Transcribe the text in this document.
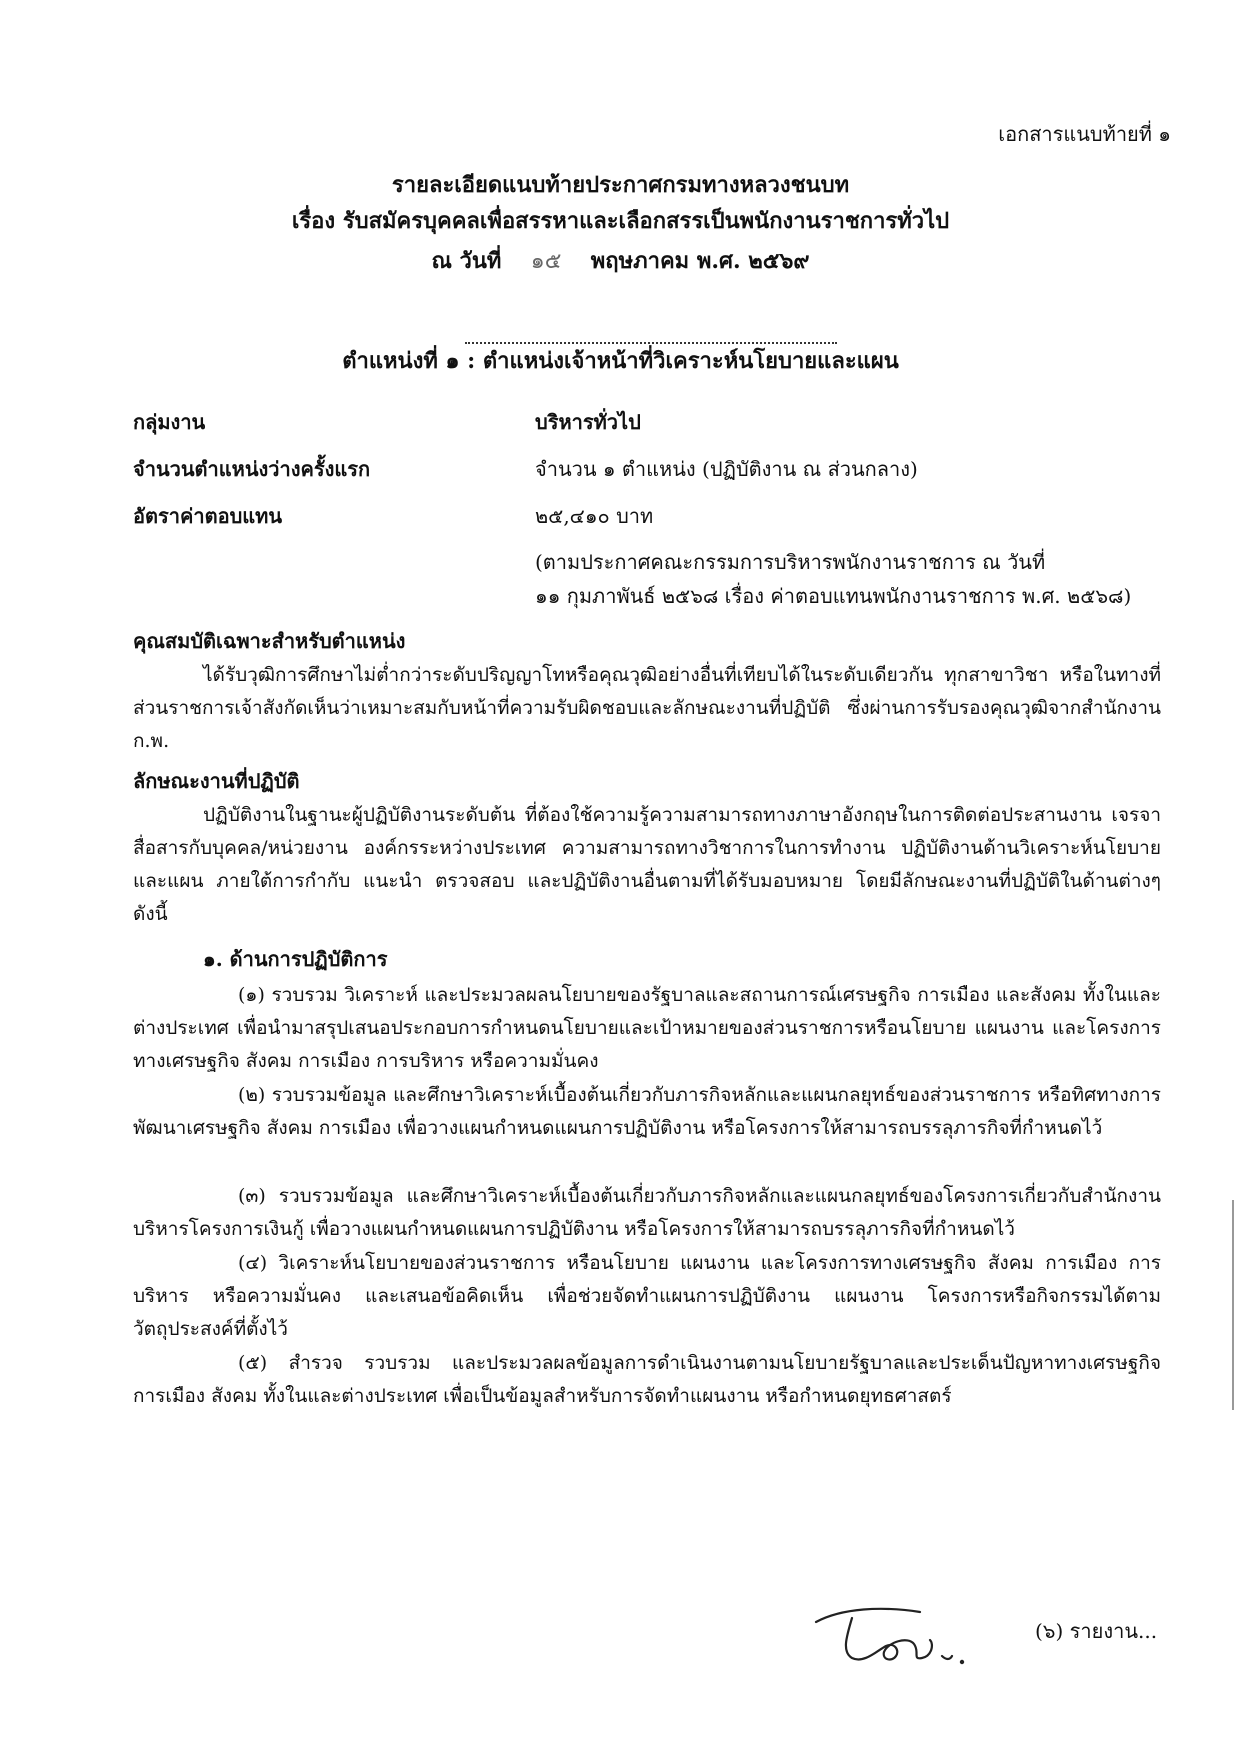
เอกสารแนบท้ายที่ ๑
รายละเอียดแนบท้ายประกาศกรมทางหลวงชนบท
เรื่อง รับสมัครบุคคลเพื่อสรรหาและเลือกสรรเป็นพนักงานราชการทั่วไป
ณ วันที่ ๑๕ พฤษภาคม พ.ศ. ๒๕๖๙
ตำแหน่งที่ ๑ : ตำแหน่งเจ้าหน้าที่วิเคราะห์นโยบายและแผน
กลุ่มงาน	บริหารทั่วไป
จำนวนตำแหน่งว่างครั้งแรก	จำนวน ๑ ตำแหน่ง (ปฏิบัติงาน ณ ส่วนกลาง)
อัตราค่าตอบแทน	๒๕,๔๑๐ บาท
(ตามประกาศคณะกรรมการบริหารพนักงานราชการ ณ วันที่
๑๑ กุมภาพันธ์ ๒๕๖๘ เรื่อง ค่าตอบแทนพนักงานราชการ พ.ศ. ๒๕๖๘)
คุณสมบัติเฉพาะสำหรับตำแหน่ง
ได้รับวุฒิการศึกษาไม่ต่ำกว่าระดับปริญญาโทหรือคุณวุฒิอย่างอื่นที่เทียบได้ในระดับเดียวกัน ทุกสาขาวิชา หรือในทางที่ส่วนราชการเจ้าสังกัดเห็นว่าเหมาะสมกับหน้าที่ความรับผิดชอบและลักษณะงานที่ปฏิบัติ ซึ่งผ่านการรับรองคุณวุฒิจากสำนักงาน ก.พ.
ลักษณะงานที่ปฏิบัติ
ปฏิบัติงานในฐานะผู้ปฏิบัติงานระดับต้น ที่ต้องใช้ความรู้ความสามารถทางภาษาอังกฤษในการติดต่อประสานงาน เจรจาสื่อสารกับบุคคล/หน่วยงาน องค์กรระหว่างประเทศ ความสามารถทางวิชาการในการทำงาน ปฏิบัติงานด้านวิเคราะห์นโยบายและแผน ภายใต้การกำกับ แนะนำ ตรวจสอบ และปฏิบัติงานอื่นตามที่ได้รับมอบหมาย โดยมีลักษณะงานที่ปฏิบัติในด้านต่างๆ ดังนี้
๑. ด้านการปฏิบัติการ
(๑) รวบรวม วิเคราะห์ และประมวลผลนโยบายของรัฐบาลและสถานการณ์เศรษฐกิจ การเมือง และสังคม ทั้งในและต่างประเทศ เพื่อนำมาสรุปเสนอประกอบการกำหนดนโยบายและเป้าหมายของส่วนราชการหรือนโยบาย แผนงาน และโครงการทางเศรษฐกิจ สังคม การเมือง การบริหาร หรือความมั่นคง
(๒) รวบรวมข้อมูล และศึกษาวิเคราะห์เบื้องต้นเกี่ยวกับภารกิจหลักและแผนกลยุทธ์ของส่วนราชการ หรือทิศทางการพัฒนาเศรษฐกิจ สังคม การเมือง เพื่อวางแผนกำหนดแผนการปฏิบัติงาน หรือโครงการให้สามารถบรรลุภารกิจที่กำหนดไว้
(๓) รวบรวมข้อมูล และศึกษาวิเคราะห์เบื้องต้นเกี่ยวกับภารกิจหลักและแผนกลยุทธ์ของโครงการเกี่ยวกับสำนักงานบริหารโครงการเงินกู้ เพื่อวางแผนกำหนดแผนการปฏิบัติงาน หรือโครงการให้สามารถบรรลุภารกิจที่กำหนดไว้
(๔) วิเคราะห์นโยบายของส่วนราชการ หรือนโยบาย แผนงาน และโครงการทางเศรษฐกิจ สังคม การเมือง การบริหาร หรือความมั่นคง และเสนอข้อคิดเห็น เพื่อช่วยจัดทำแผนการปฏิบัติงาน แผนงาน โครงการหรือกิจกรรมได้ตามวัตถุประสงค์ที่ตั้งไว้
(๕) สำรวจ รวบรวม และประมวลผลข้อมูลการดำเนินงานตามนโยบายรัฐบาลและประเด็นปัญหาทางเศรษฐกิจ การเมือง สังคม ทั้งในและต่างประเทศ เพื่อเป็นข้อมูลสำหรับการจัดทำแผนงาน หรือกำหนดยุทธศาสตร์
(๖) รายงาน...
